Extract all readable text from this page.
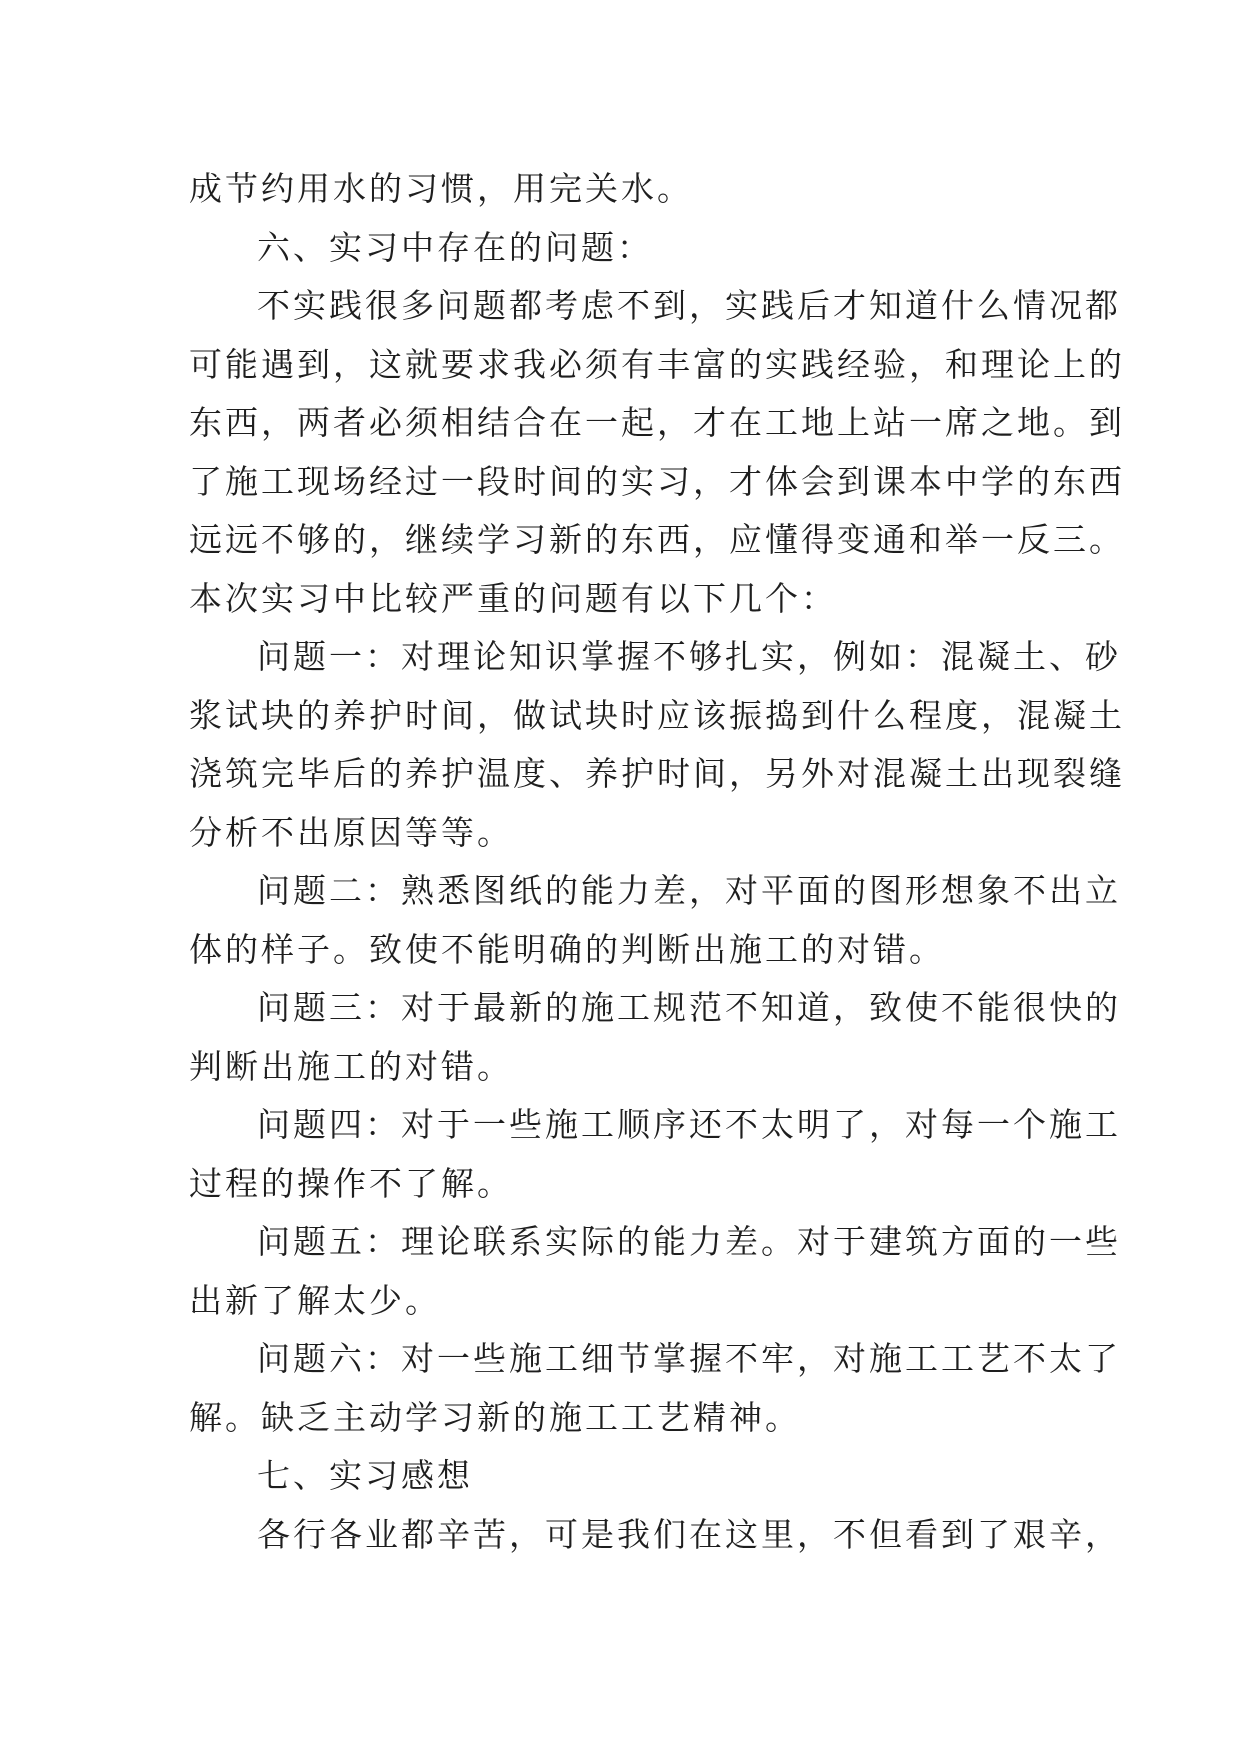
成节约用水的习惯，用完关水。
六、实习中存在的问题：
不实践很多问题都考虑不到，实践后才知道什么情况都
可能遇到，这就要求我必须有丰富的实践经验，和理论上的
东西，两者必须相结合在一起，才在工地上站一席之地。到
了施工现场经过一段时间的实习，才体会到课本中学的东西
远远不够的，继续学习新的东西，应懂得变通和举一反三。
本次实习中比较严重的问题有以下几个：
问题一：对理论知识掌握不够扎实，例如：混凝土、砂
浆试块的养护时间，做试块时应该振捣到什么程度，混凝土
浇筑完毕后的养护温度、养护时间，另外对混凝土出现裂缝
分析不出原因等等。
问题二：熟悉图纸的能力差，对平面的图形想象不出立
体的样子。致使不能明确的判断出施工的对错。
问题三：对于最新的施工规范不知道，致使不能很快的
判断出施工的对错。
问题四：对于一些施工顺序还不太明了，对每一个施工
过程的操作不了解。
问题五：理论联系实际的能力差。对于建筑方面的一些
出新了解太少。
问题六：对一些施工细节掌握不牢，对施工工艺不太了
解。缺乏主动学习新的施工工艺精神。
七、实习感想
各行各业都辛苦，可是我们在这里，不但看到了艰辛，
